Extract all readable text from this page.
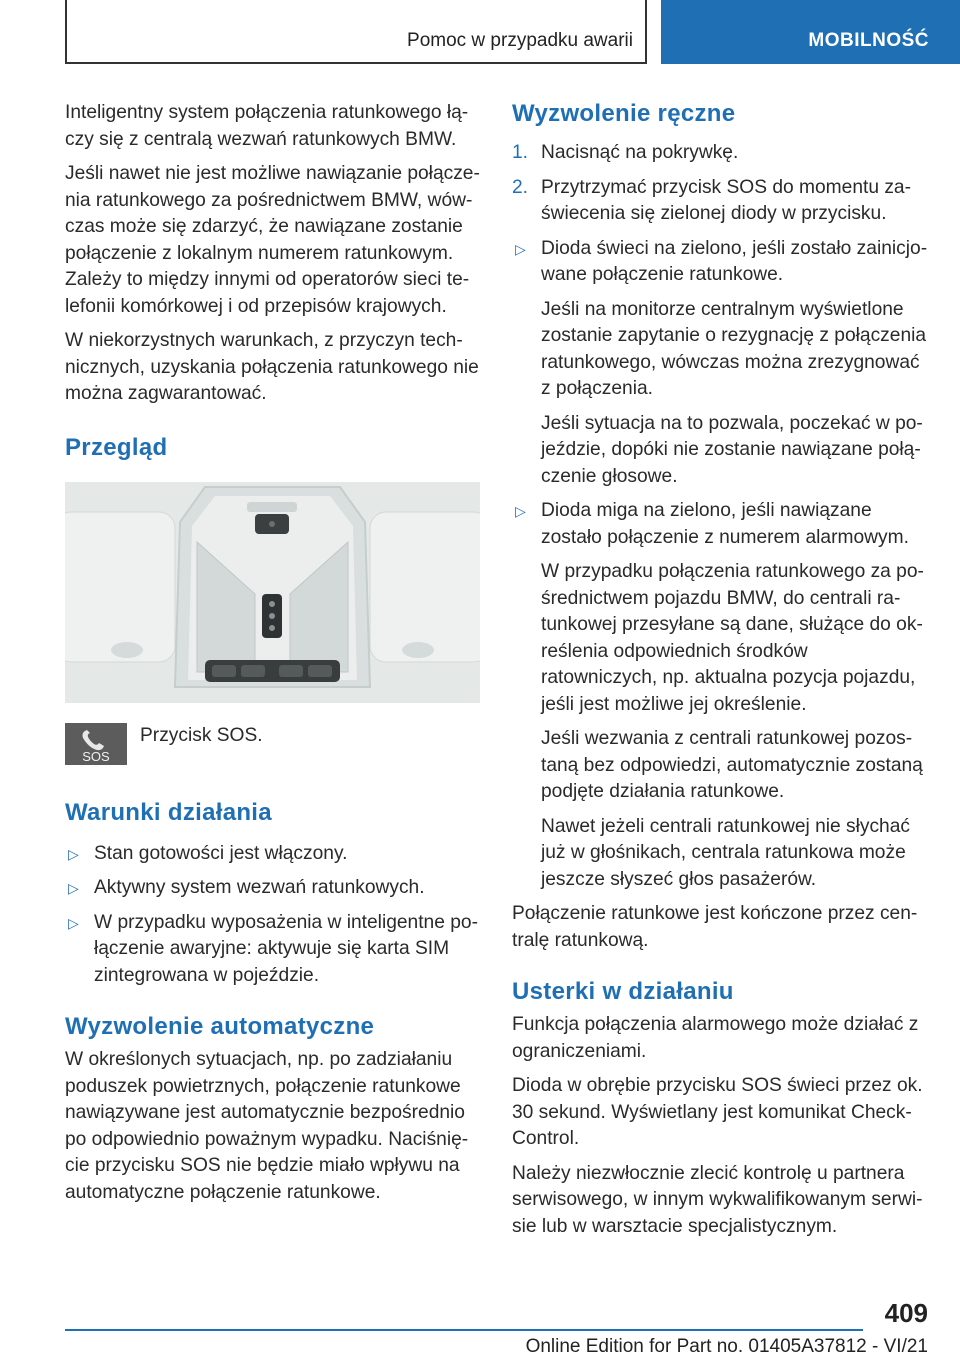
Pomoc w przypadku awarii	MOBILNOŚĆ

Inteligentny system połączenia ratunkowego łączy się z centralą wezwań ratunkowych BMW.

Jeśli nawet nie jest możliwe nawiązanie połączenia ratunkowego za pośrednictwem BMW, wówczas może się zdarzyć, że nawiązane zostanie połączenie z lokalnym numerem ratunkowym. Zależy to między innymi od operatorów sieci telefonii komórkowej i od przepisów krajowych.

W niekorzystnych warunkach, z przyczyn technicznych, uzyskania połączenia ratunkowego nie można zagwarantować.

Przegląd
SOS
Przycisk SOS.
Warunki działania
▷ Stan gotowości jest włączony.
▷ Aktywny system wezwań ratunkowych.
▷ W przypadku wyposażenia w inteligentne połączenie awaryjne: aktywuje się karta SIM zintegrowana w pojeździe.
Wyzwolenie automatyczne

W określonych sytuacjach, np. po zadziałaniu poduszek powietrznych, połączenie ratunkowe nawiązywane jest automatycznie bezpośrednio po odpowiednio poważnym wypadku. Naciśnięcie przycisku SOS nie będzie miało wpływu na automatyczne połączenie ratunkowe.

Wyzwolenie ręczne
1. Nacisnąć na pokrywkę.
2. Przytrzymać przycisk SOS do momentu zaświecenia się zielonej diody w przycisku.
▷ Dioda świeci na zielono, jeśli zostało zainicjowane połączenie ratunkowe.

Jeśli na monitorze centralnym wyświetlone zostanie zapytanie o rezygnację z połączenia ratunkowego, wówczas można zrezygnować z połączenia.

Jeśli sytuacja na to pozwala, poczekać w pojeździe, dopóki nie zostanie nawiązane połączenie głosowe.

▷ Dioda miga na zielono, jeśli nawiązane zostało połączenie z numerem alarmowym.

W przypadku połączenia ratunkowego za pośrednictwem pojazdu BMW, do centrali ratunkowej przesyłane są dane, służące do określenia odpowiednich środków ratowniczych, np. aktualna pozycja pojazdu, jeśli jest możliwe jej określenie.

Jeśli wezwania z centrali ratunkowej pozostaną bez odpowiedzi, automatycznie zostaną podjęte działania ratunkowe.

Nawet jeżeli centrali ratunkowej nie słychać już w głośnikach, centrala ratunkowa może jeszcze słyszeć głos pasażerów.

Połączenie ratunkowe jest kończone przez centralę ratunkową.

Usterki w działaniu

Funkcja połączenia alarmowego może działać z ograniczeniami.

Dioda w obrębie przycisku SOS świeci przez ok. 30 sekund. Wyświetlany jest komunikat Check-Control.

Należy niezwłocznie zlecić kontrolę u partnera serwisowego, w innym wykwalifikowanym serwisie lub w warsztacie specjalistycznym.

409
Online Edition for Part no. 01405A37812 - VI/21
